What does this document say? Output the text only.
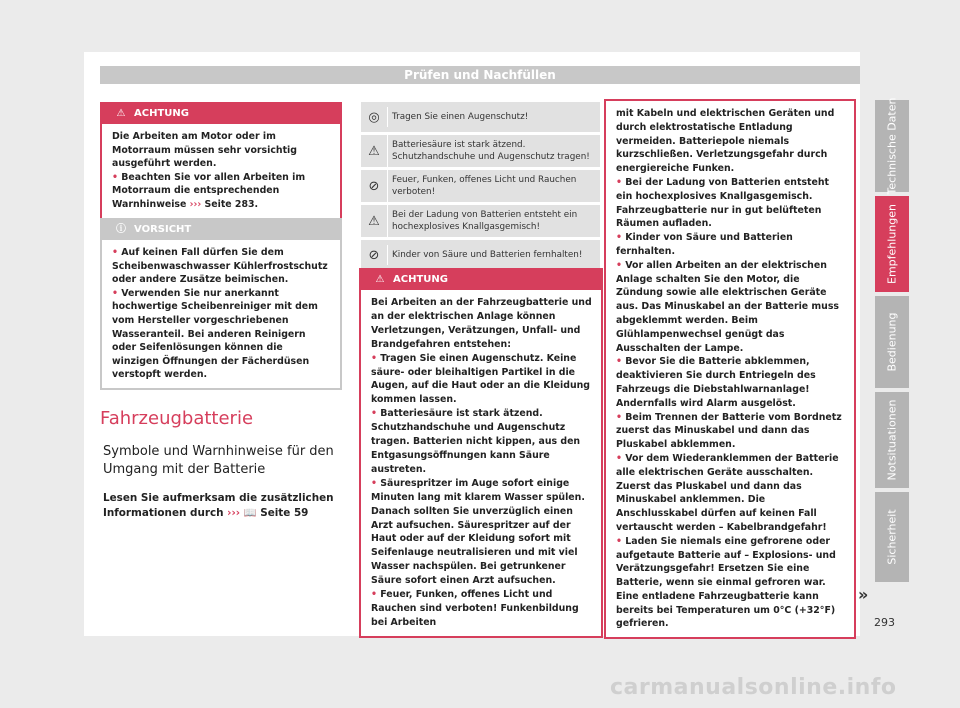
Prüfen und Nachfüllen
Technische Daten
Empfehlungen
Bedienung
Notsituationen
Sicherheit
⚠ ACHTUNG

Die Arbeiten am Motor oder im Motorraum müssen sehr vorsichtig ausgeführt werden.

• Beachten Sie vor allen Arbeiten im Motorraum die entsprechenden Warnhinweise ››› Seite 283.

ⓘ VORSICHT

• Auf keinen Fall dürfen Sie dem Scheibenwaschwasser Kühlerfrostschutz oder andere Zusätze beimischen.

• Verwenden Sie nur anerkannt hochwertige Scheibenreiniger mit dem vom Hersteller vorgeschriebenen Wasseranteil. Bei anderen Reinigern oder Seifenlösungen können die winzigen Öffnungen der Fächerdüsen verstopft werden.

Fahrzeugbatterie
Symbole und Warnhinweise für den Umgang mit der Batterie
Lesen Sie aufmerksam die zusätzlichen Informationen durch ››› 📖 Seite 59
◎	Tragen Sie einen Augenschutz!
⚠	Batteriesäure ist stark ätzend. Schutzhandschuhe und Augenschutz tragen!
⊘	Feuer, Funken, offenes Licht und Rauchen verboten!
⚠	Bei der Ladung von Batterien entsteht ein hochexplosives Knallgasgemisch!
⊘	Kinder von Säure und Batterien fernhalten!
⚠ ACHTUNG

Bei Arbeiten an der Fahrzeugbatterie und an der elektrischen Anlage können Verletzungen, Verätzungen, Unfall- und Brandgefahren entstehen:

• Tragen Sie einen Augenschutz. Keine säure- oder bleihaltigen Partikel in die Augen, auf die Haut oder an die Kleidung kommen lassen.

• Batteriesäure ist stark ätzend. Schutzhandschuhe und Augenschutz tragen. Batterien nicht kippen, aus den Entgasungsöffnungen kann Säure austreten.

• Säurespritzer im Auge sofort einige Minuten lang mit klarem Wasser spülen. Danach sollten Sie unverzüglich einen Arzt aufsuchen. Säurespritzer auf der Haut oder auf der Kleidung sofort mit Seifenlauge neutralisieren und mit viel Wasser nachspülen. Bei getrunkener Säure sofort einen Arzt aufsuchen.

• Feuer, Funken, offenes Licht und Rauchen sind verboten! Funkenbildung bei Arbeiten

mit Kabeln und elektrischen Geräten und durch elektrostatische Entladung vermeiden. Batteriepole niemals kurzschließen. Verletzungsgefahr durch energiereiche Funken.

• Bei der Ladung von Batterien entsteht ein hochexplosives Knallgasgemisch. Fahrzeugbatterie nur in gut belüfteten Räumen aufladen.

• Kinder von Säure und Batterien fernhalten.

• Vor allen Arbeiten an der elektrischen Anlage schalten Sie den Motor, die Zündung sowie alle elektrischen Geräte aus. Das Minuskabel an der Batterie muss abgeklemmt werden. Beim Glühlampenwechsel genügt das Ausschalten der Lampe.

• Bevor Sie die Batterie abklemmen, deaktivieren Sie durch Entriegeln des Fahrzeugs die Diebstahlwarnanlage! Andernfalls wird Alarm ausgelöst.

• Beim Trennen der Batterie vom Bordnetz zuerst das Minuskabel und dann das Pluskabel abklemmen.

• Vor dem Wiederanklemmen der Batterie alle elektrischen Geräte ausschalten. Zuerst das Pluskabel und dann das Minuskabel anklemmen. Die Anschlusskabel dürfen auf keinen Fall vertauscht werden – Kabelbrandgefahr!

• Laden Sie niemals eine gefrorene oder aufgetaute Batterie auf – Explosions- und Verätzungsgefahr! Ersetzen Sie eine Batterie, wenn sie einmal gefroren war. Eine entladene Fahrzeugbatterie kann bereits bei Temperaturen um 0°C (+32°F) gefrieren.

»
293
carmanualsonline.info
